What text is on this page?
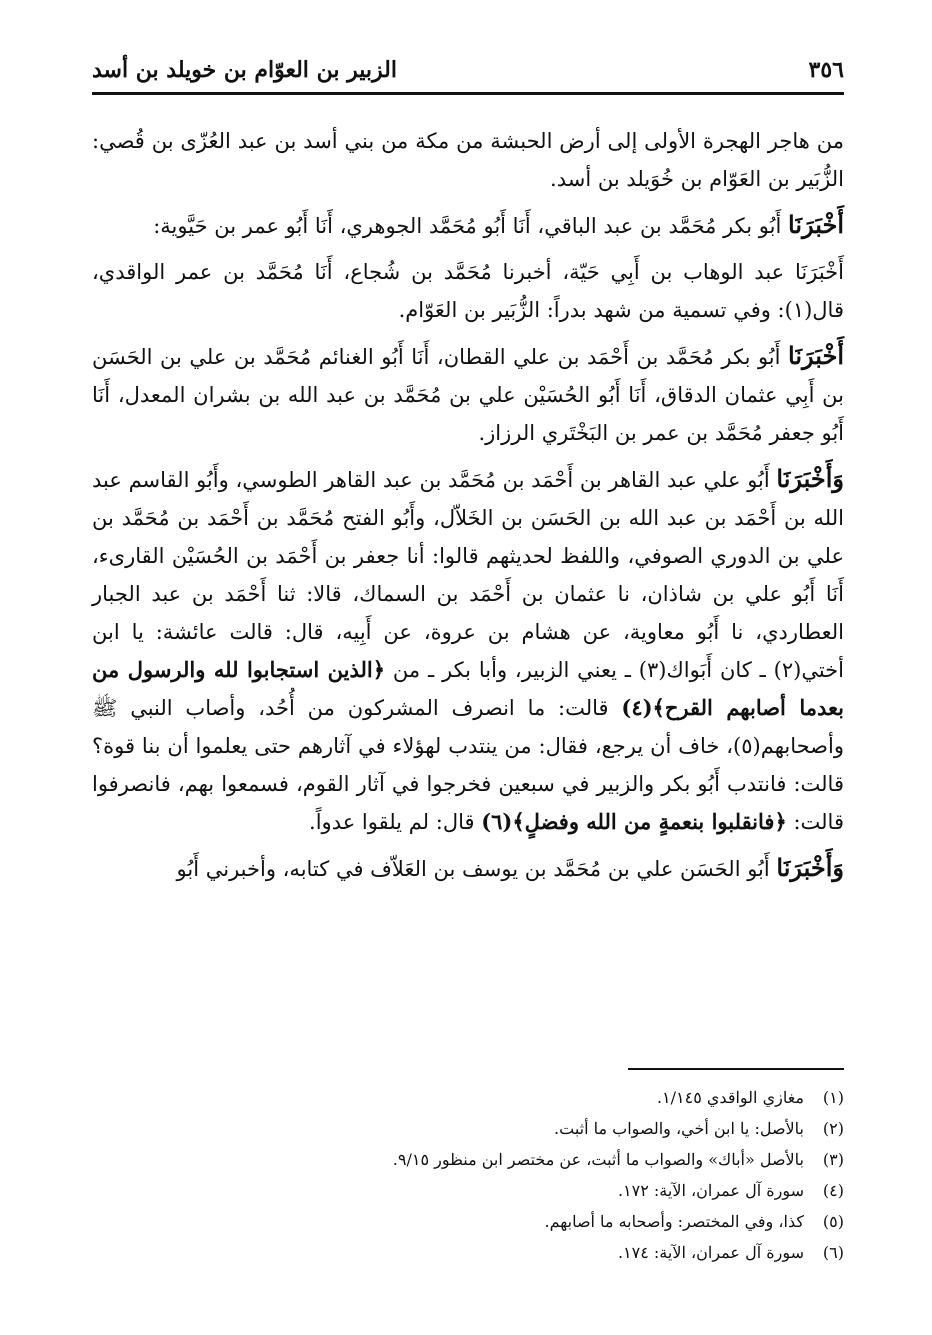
٣٥٦
الزبير بن العوّام بن خويلد بن أسد

من هاجر الهجرة الأولى إلى أرض الحبشة من مكة من بني أسد بن عبد العُزّى بن قُصي: الزُّبَير بن العَوّام بن خُوَيلد بن أسد.

أَخْبَرَنَا أَبُو بكر مُحَمَّد بن عبد الباقي، أَنَا أَبُو مُحَمَّد الجوهري، أَنَا أَبُو عمر بن حَيَّوية:

أَخْبَرَنَا عبد الوهاب بن أَبِي حَيّة، أخبرنا مُحَمَّد بن شُجاع، أَنَا مُحَمَّد بن عمر الواقدي، قال(١): وفي تسمية من شهد بدراً: الزُّبَير بن العَوّام.

أَخْبَرَنَا أَبُو بكر مُحَمَّد بن أَحْمَد بن علي القطان، أَنَا أَبُو الغنائم مُحَمَّد بن علي بن الحَسَن بن أَبِي عثمان الدقاق، أَنَا أَبُو الحُسَيْن علي بن مُحَمَّد بن عبد الله بن بشران المعدل، أَنَا أَبُو جعفر مُحَمَّد بن عمر بن البَخْتَري الرزاز.

وَأَخْبَرَنَا أَبُو علي عبد القاهر بن أَحْمَد بن مُحَمَّد بن عبد القاهر الطوسي، وأَبُو القاسم عبد الله بن أَحْمَد بن عبد الله بن الحَسَن بن الخَلاّل، وأَبُو الفتح مُحَمَّد بن أَحْمَد بن مُحَمَّد بن علي بن الدوري الصوفي، واللفظ لحديثهم قالوا: أنا جعفر بن أَحْمَد بن الحُسَيْن القارىء، أَنَا أَبُو علي بن شاذان، نا عثمان بن أَحْمَد بن السماك، قالا: ثنا أَحْمَد بن عبد الجبار العطاردي، نا أَبُو معاوية، عن هشام بن عروة، عن أَبِيه، قال: قالت عائشة: يا ابن أختي(٢) ـ كان أَبَواك(٣) ـ يعني الزبير، وأبا بكر ـ من ﴿الذين استجابوا لله والرسول من بعدما أصابهم القرح﴾(٤) قالت: ما انصرف المشركون من أُحُد، وأصاب النبي ﷺ وأصحابهم(٥)، خاف أن يرجع، فقال: من ينتدب لهؤلاء في آثارهم حتى يعلموا أن بنا قوة؟ قالت: فانتدب أَبُو بكر والزبير في سبعين فخرجوا في آثار القوم، فسمعوا بهم، فانصرفوا قالت: ﴿فانقلبوا بنعمةٍ من الله وفضلٍ﴾(٦) قال: لم يلقوا عدواً.

وَأَخْبَرَنَا أَبُو الحَسَن علي بن مُحَمَّد بن يوسف بن العَلاّف في كتابه، وأخبرني أَبُو

(١)
مغازي الواقدي ١/١٤٥.
(٢)
بالأصل: يا ابن أخي، والصواب ما أثبت.
(٣)
بالأصل «أباك» والصواب ما أثبت، عن مختصر ابن منظور ٩/١٥.
(٤)
سورة آل عمران، الآية: ١٧٢.
(٥)
كذا، وفي المختصر: وأصحابه ما أصابهم.
(٦)
سورة آل عمران، الآية: ١٧٤.
